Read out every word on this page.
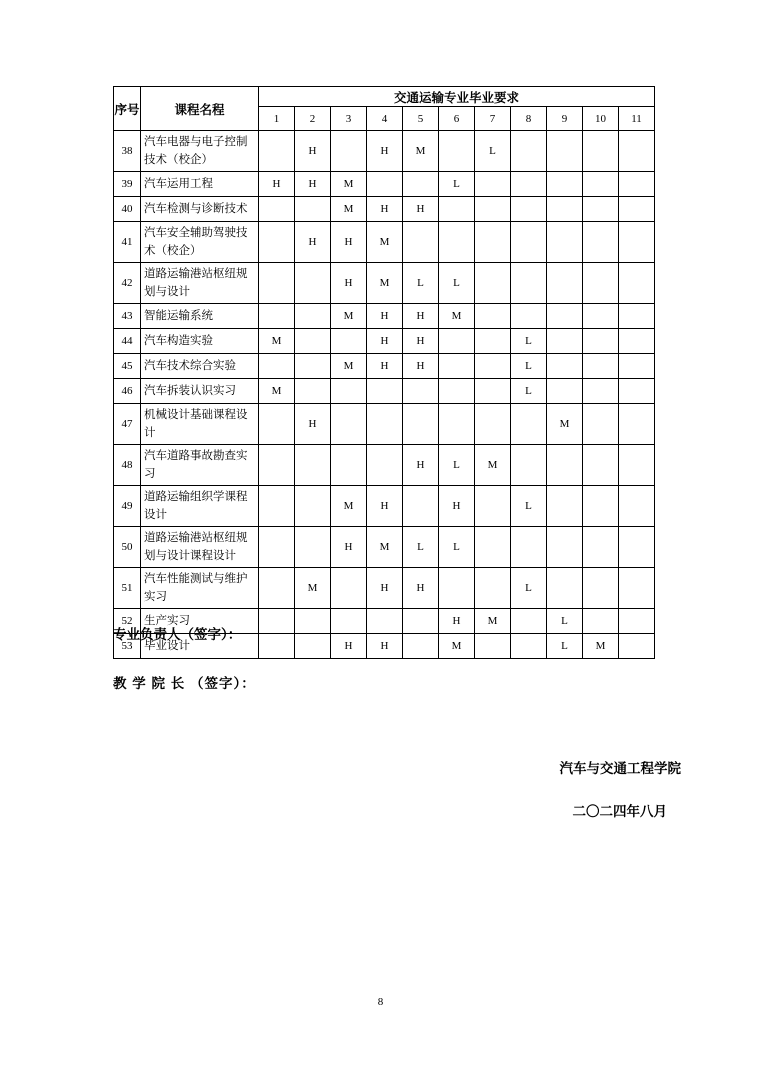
序号	课程名程	交通运输专业毕业要求										
		1	2	3	4	5	6	7	8	9	10	11
38	汽车电器与电子控制技术（校企）		H		H	M		L				
39	汽车运用工程	H	H	M			L					
40	汽车检测与诊断技术			M	H	H						
41	汽车安全辅助驾驶技术（校企）		H	H	M							
42	道路运输港站枢纽规划与设计			H	M	L	L					
43	智能运输系统			M	H	H	M					
44	汽车构造实验	M			H	H			L			
45	汽车技术综合实验			M	H	H			L			
46	汽车拆装认识实习	M							L			
47	机械设计基础课程设计		H							M		
48	汽车道路事故勘查实习					H	L	M				
49	道路运输组织学课程设计			M	H		H		L			
50	道路运输港站枢纽规划与设计课程设计			H	M	L	L					
51	汽车性能测试与维护实习		M		H	H			L			
52	生产实习						H	M		L		
53	毕业设计			H	H		M			L	M	

专业负责人（签字）：

教 学 院 长 （签字）：

汽车与交通工程学院
二〇二四年八月
8
